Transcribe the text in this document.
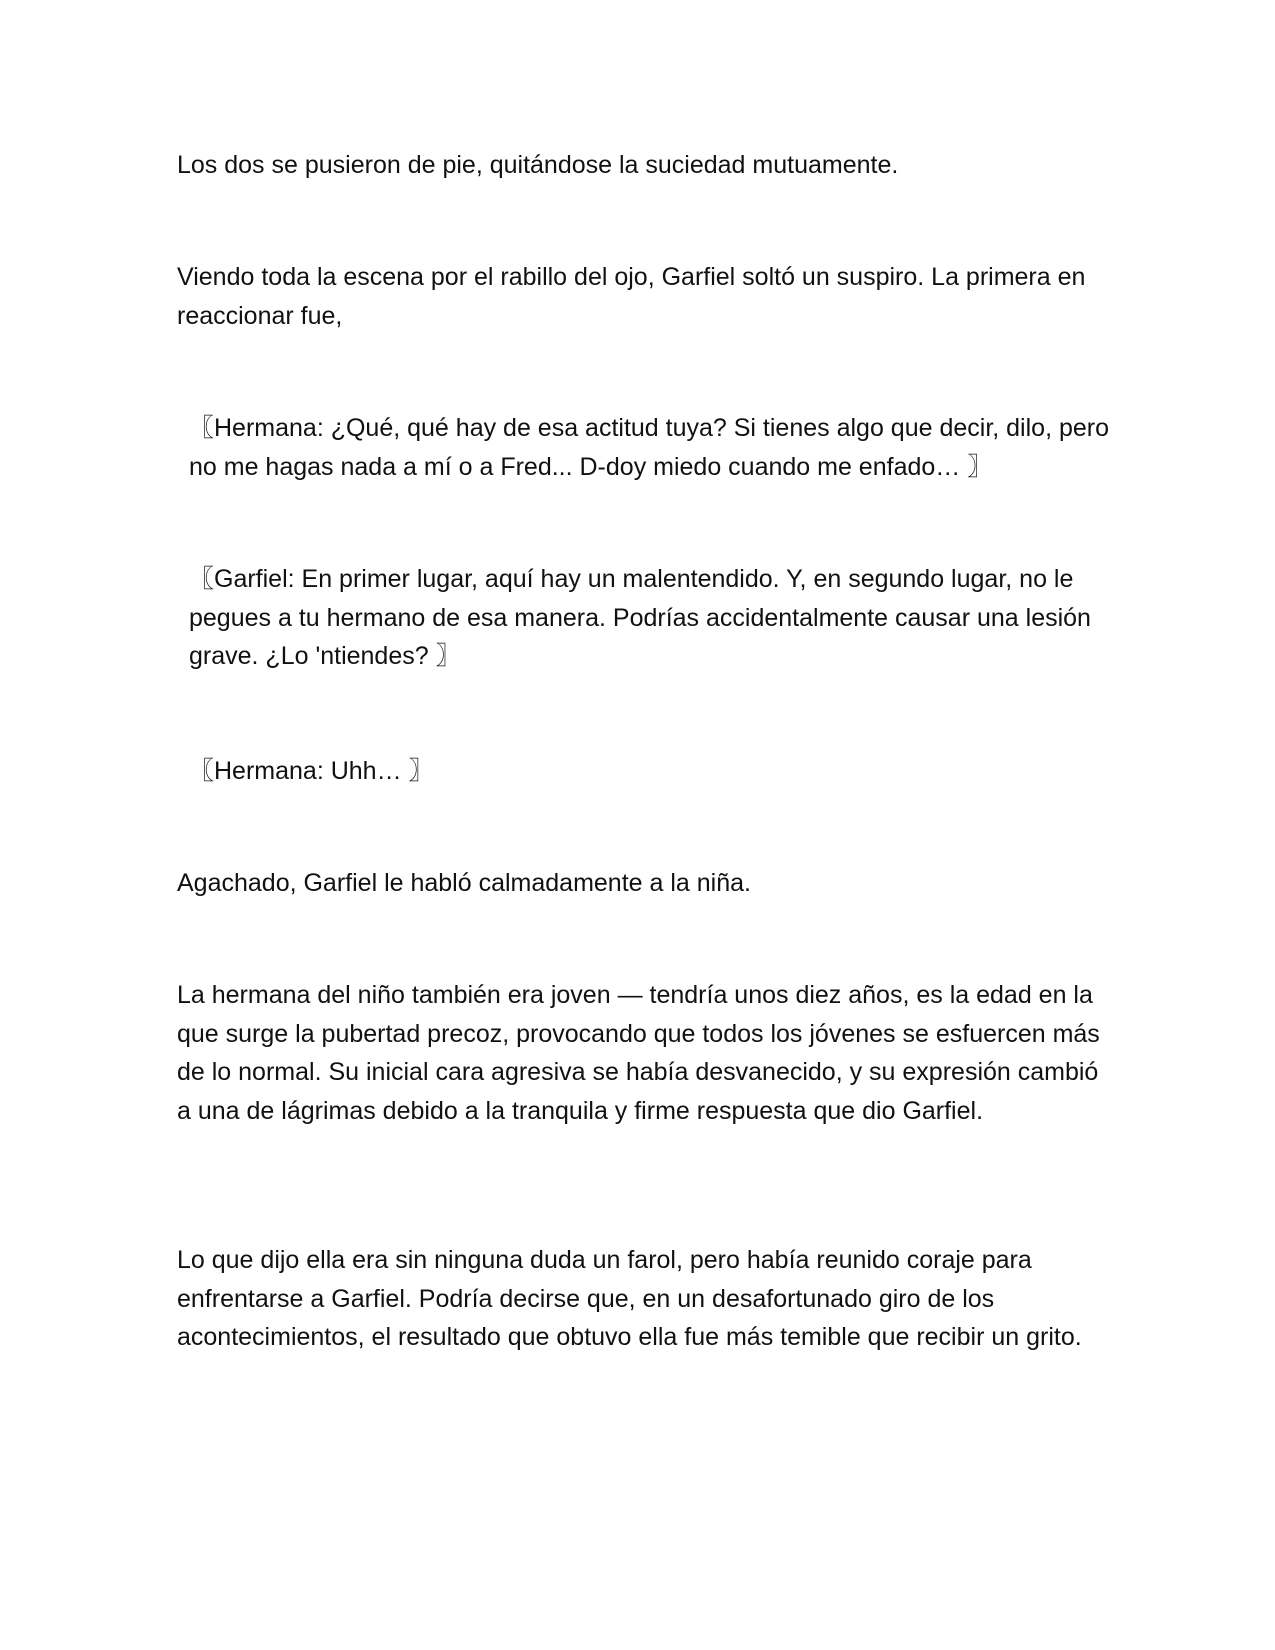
Los dos se pusieron de pie, quitándose la suciedad mutuamente.

Viendo toda la escena por el rabillo del ojo, Garfiel soltó un suspiro. La primera en reaccionar fue,

〖Hermana: ¿Qué, qué hay de esa actitud tuya? Si tienes algo que decir, dilo, pero no me hagas nada a mí o a Fred... D-doy miedo cuando me enfado… 〗

〖Garfiel: En primer lugar, aquí hay un malentendido. Y, en segundo lugar, no le pegues a tu hermano de esa manera. Podrías accidentalmente causar una lesión grave. ¿Lo 'ntiendes? 〗

〖Hermana: Uhh… 〗

Agachado, Garfiel le habló calmadamente a la niña.

La hermana del niño también era joven — tendría unos diez años, es la edad en la que surge la pubertad precoz, provocando que todos los jóvenes se esfuercen más de lo normal. Su inicial cara agresiva se había desvanecido, y su expresión cambió a una de lágrimas debido a la tranquila y firme respuesta que dio Garfiel.

Lo que dijo ella era sin ninguna duda un farol, pero había reunido coraje para enfrentarse a Garfiel. Podría decirse que, en un desafortunado giro de los acontecimientos, el resultado que obtuvo ella fue más temible que recibir un grito.
